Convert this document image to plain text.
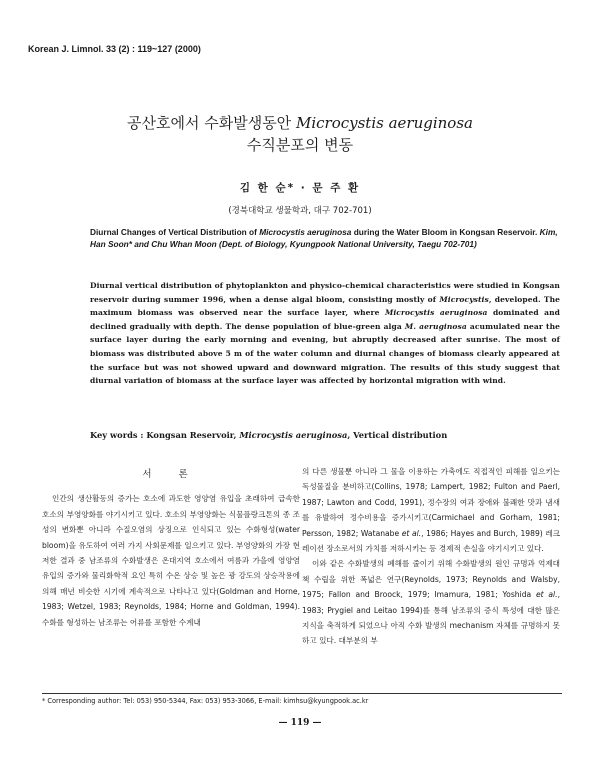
Korean J. Limnol. 33 (2) : 119~127 (2000)
공산호에서 수화발생동안 Microcystis aeruginosa
수직분포의 변동
김 한 순* · 문 주 환
(경북대학교 생물학과, 대구 702-701)
Diurnal Changes of Vertical Distribution of Microcystis aeruginosa during the Water Bloom in Kongsan Reservoir. Kim, Han Soon* and Chu Whan Moon (Dept. of Biology, Kyungpook National University, Taegu 702-701)

Diurnal vertical distribution of phytoplankton and physico-chemical characteristics were studied in Kongsan reservoir during summer 1996, when a dense algal bloom, consisting mostly of Microcystis, developed. The maximum biomass was observed near the surface layer, where Microcystis aeruginosa dominated and declined gradually with depth. The dense population of blue-green alga M. aeruginosa acumulated near the surface layer during the early morning and evening, but abruptly decreased after sunrise. The most of biomass was distributed above 5 m of the water column and diurnal changes of biomass clearly appeared at the surface but was not showed upward and downward migration. The results of this study suggest that diurnal variation of biomass at the surface layer was affected by horizontal migration with wind.

Key words : Kongsan Reservoir, Microcystis aeruginosa, Vertical distribution
서 론

인간의 생산활동의 증가는 호소에 과도한 영양염 유입을 초래하여 급속한 호소의 부영양화를 야기시키고 있다. 호소의 부영양화는 식물플랑크톤의 종 조성의 변화뿐 아니라 수질오염의 상징으로 인식되고 있는 수화형성(water bloom)을 유도하여 여러 가지 사회문제를 일으키고 있다. 부영양화의 가장 현저한 결과 중 남조류의 수화발생은 온대지역 호소에서 여름과 가을에 영양염 유입의 증가와 물리화학적 요인 특히 수온 상승 및 높은 광 강도의 상승작용에 의해 매년 비슷한 시기에 계속적으로 나타나고 있다(Goldman and Horne, 1983; Wetzel, 1983; Reynolds, 1984; Horne and Goldman, 1994). 수화를 형성하는 남조류는 어류를 포함한 수계내

의 다른 생물뿐 아니라 그 물을 이용하는 가축에도 직접적인 피해를 일으키는 독성물질을 분비하고(Collins, 1978; Lampert, 1982; Fulton and Paerl, 1987; Lawton and Codd, 1991), 정수장의 여과 장애와 불쾌한 맛과 냄새를 유발하여 정수비용을 증가시키고(Carmichael and Gorham, 1981; Persson, 1982; Watanabe et al., 1986; Hayes and Burch, 1989) 레크레이션 장소로서의 가치를 저하시키는 등 경제적 손실을 야기시키고 있다.

이와 같은 수화발생의 폐해를 줄이기 위해 수화발생의 원인 규명과 억제대책 수립을 위한 폭넓은 연구(Reynolds, 1973; Reynolds and Walsby, 1975; Fallon and Broock, 1979; Imamura, 1981; Yoshida et al., 1983; Prygiel and Leitao 1994)를 통해 남조류의 증식 특성에 대한 많은 지식을 축적하게 되었으나 아직 수화 발생의 mechanism 자체를 규명하지 못하고 있다. 대부분의 부

* Corresponding author: Tel: 053) 950-5344, Fax: 053) 953-3066, E-mail: kimhsu@kyungpook.ac.kr
— 119 —
